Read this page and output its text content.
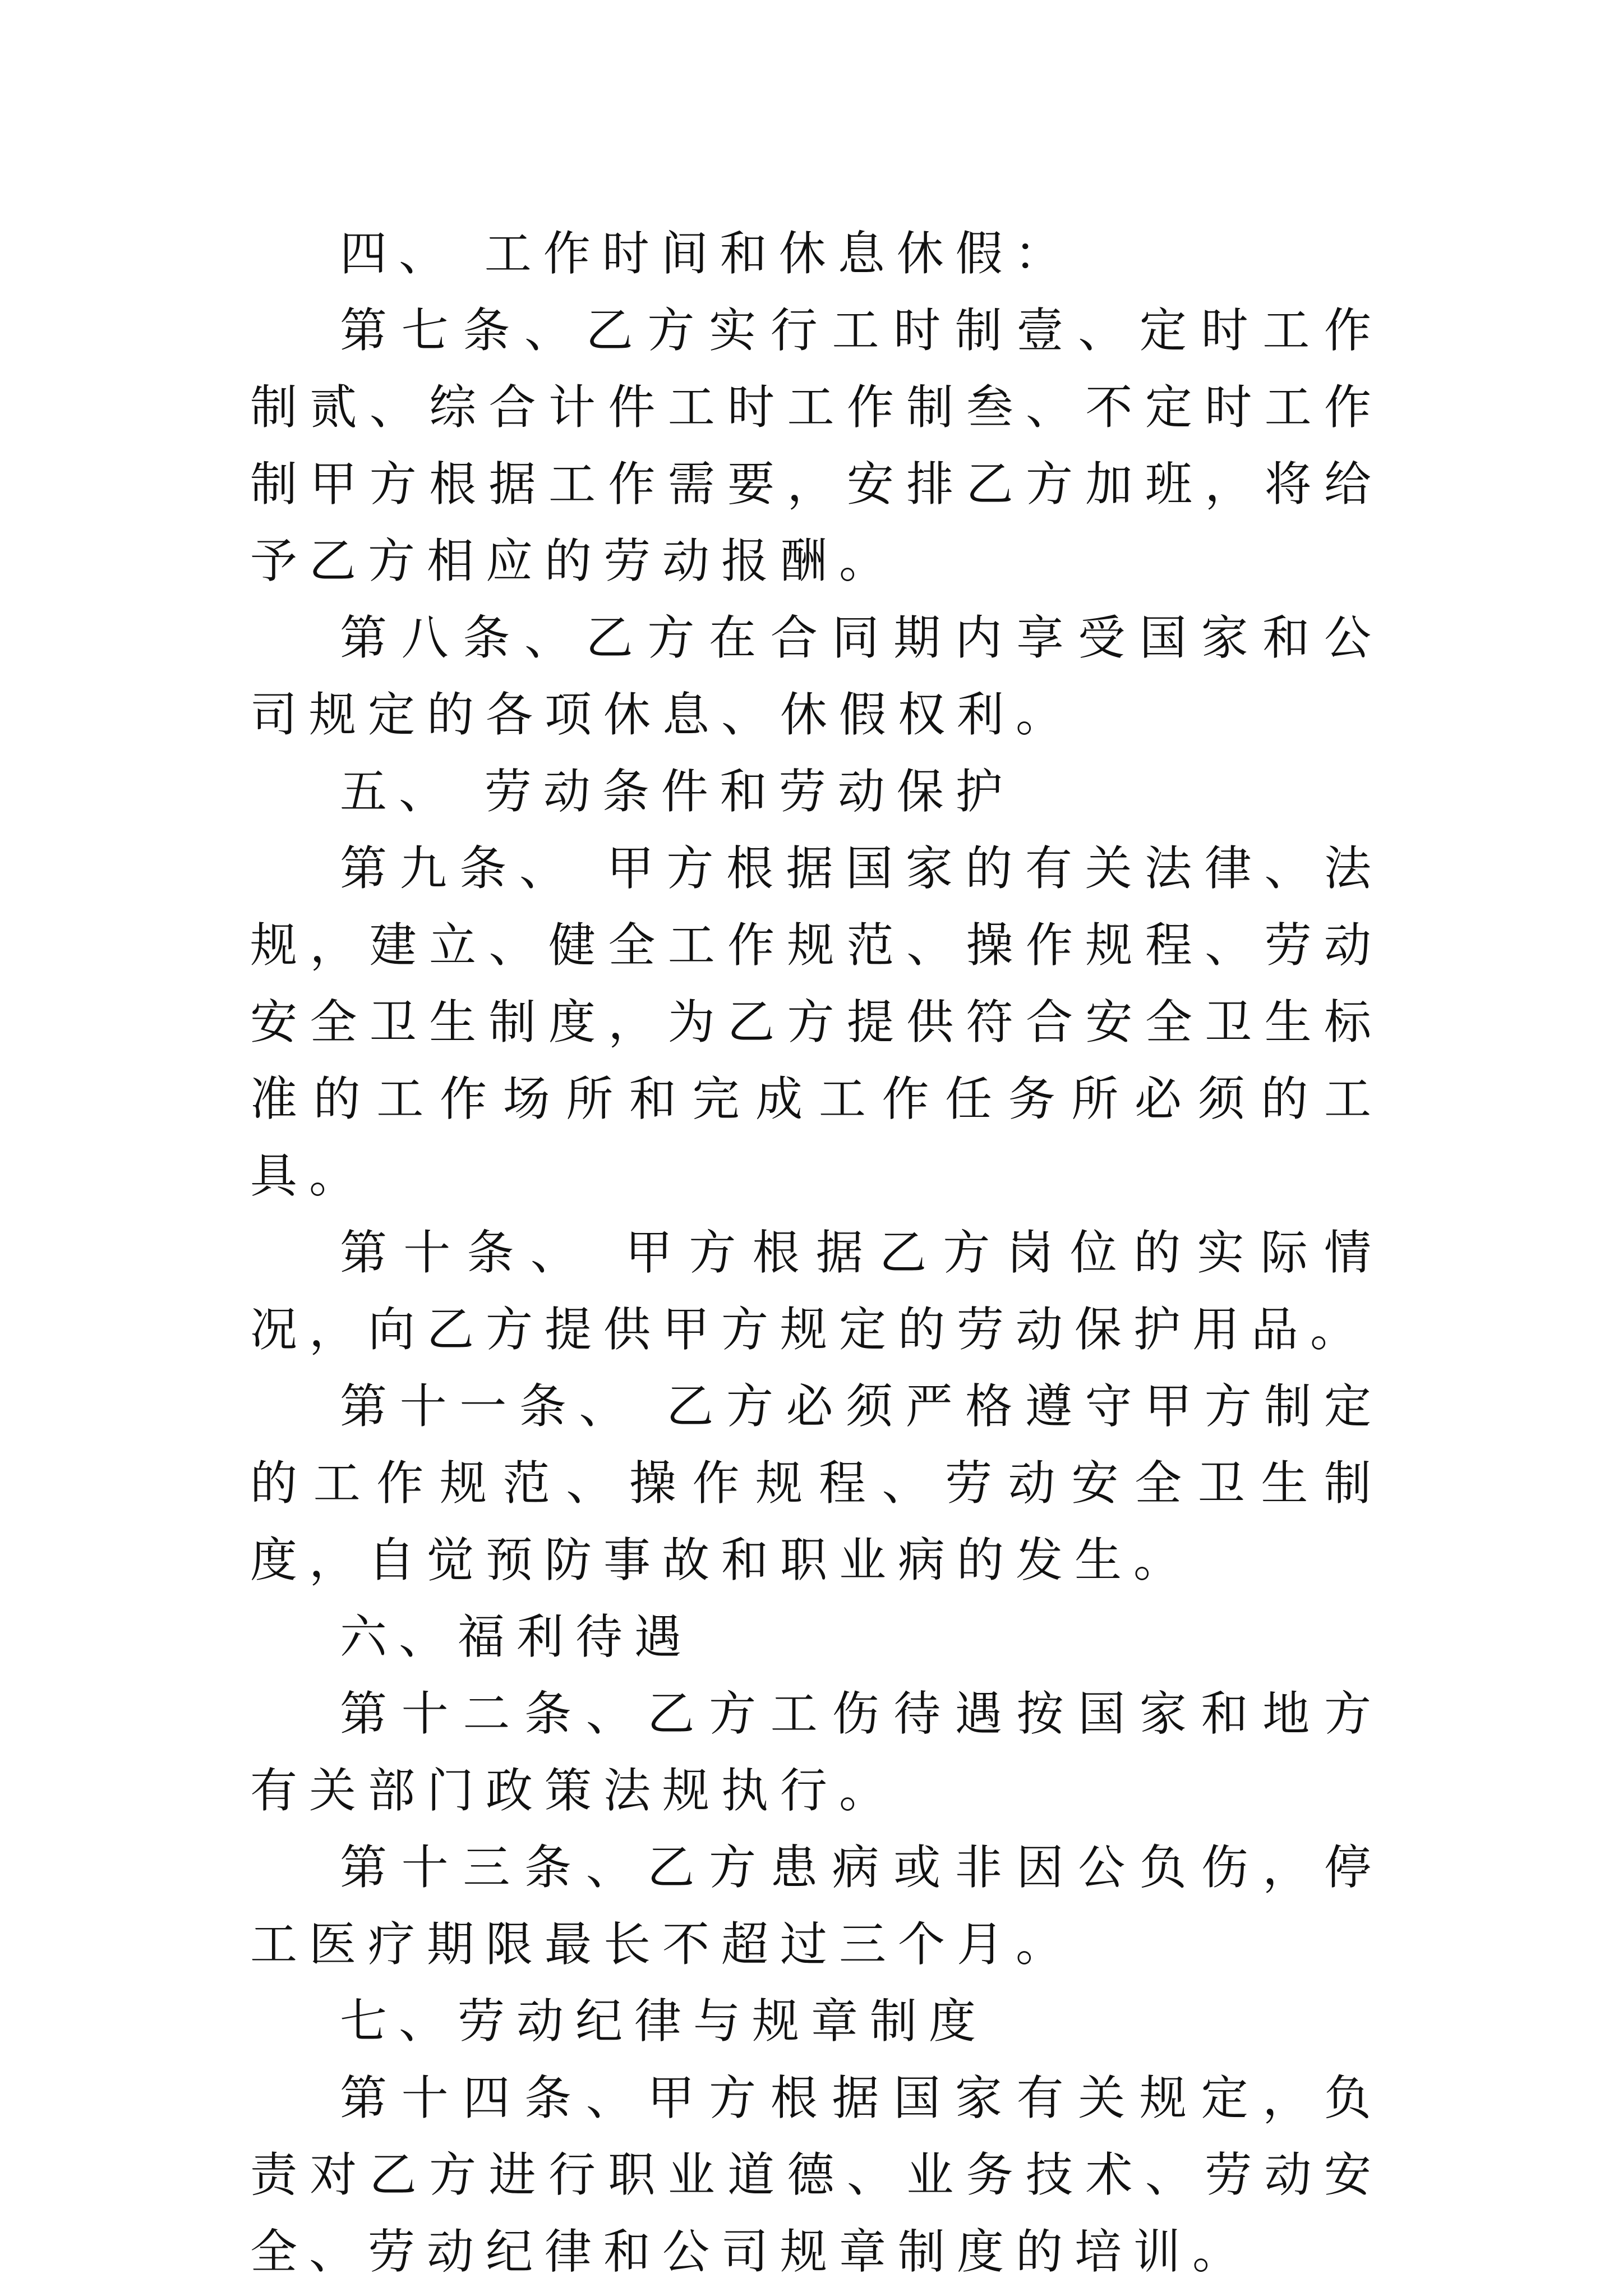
四、 工作时间和休息休假：

第七条、乙方实行工时制壹、定时工作制贰、综合计件工时工作制叁、不定时工作制甲方根据工作需要，安排乙方加班，将给予乙方相应的劳动报酬。

第八条、乙方在合同期内享受国家和公司规定的各项休息、休假权利。

五、 劳动条件和劳动保护

第九条、 甲方根据国家的有关法律、法规，建立、健全工作规范、操作规程、劳动安全卫生制度，为乙方提供符合安全卫生标准的工作场所和完成工作任务所必须的工具。

第十条、 甲方根据乙方岗位的实际情况，向乙方提供甲方规定的劳动保护用品。

第十一条、 乙方必须严格遵守甲方制定的工作规范、操作规程、劳动安全卫生制度，自觉预防事故和职业病的发生。

六、福利待遇

第十二条、乙方工伤待遇按国家和地方有关部门政策法规执行。

第十三条、乙方患病或非因公负伤，停工医疗期限最长不超过三个月。

七、劳动纪律与规章制度

第十四条、甲方根据国家有关规定，负责对乙方进行职业道德、业务技术、劳动安全、劳动纪律和公司规章制度的培训。
